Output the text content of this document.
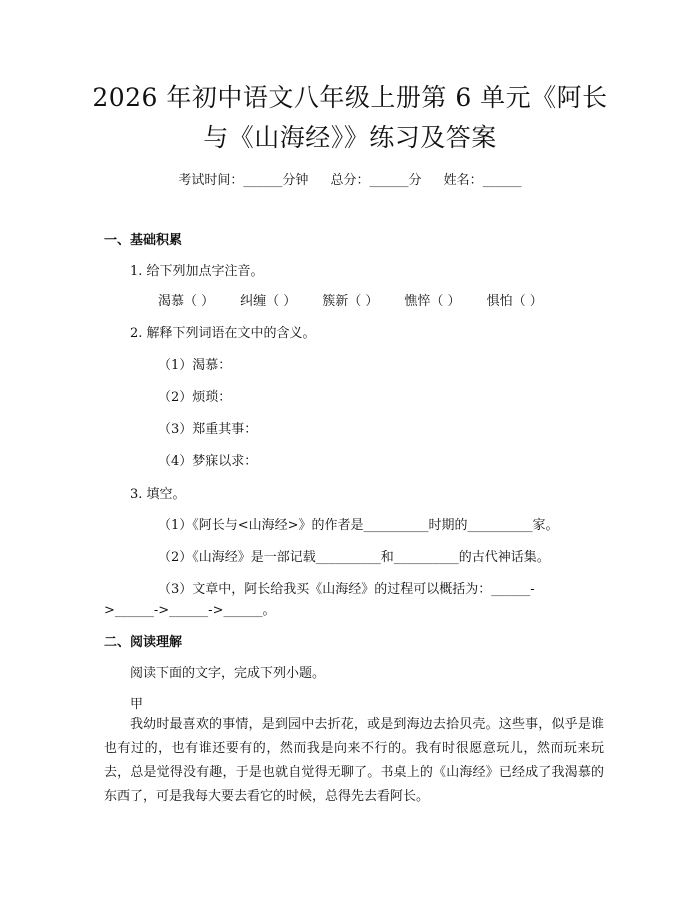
2026 年初中语文八年级上册第 6 单元《阿长
与《山海经》》练习及答案
考试时间：______分钟 总分：______分 姓名：______
一、基础积累
1. 给下列加点字注音。
渴慕（ ） 纠缠（ ） 簇新（ ） 憔悴（ ） 惧怕（ ）
2. 解释下列词语在文中的含义。
（1）渴慕：
（2）烦琐：
（3）郑重其事：
（4）梦寐以求：
3. 填空。
（1）《阿长与<山海经>》的作者是__________时期的__________家。
（2）《山海经》是一部记载__________和__________的古代神话集。
（3）文章中，阿长给我买《山海经》的过程可以概括为：______-
>______->______->______。
二、阅读理解
阅读下面的文字，完成下列小题。
甲
我幼时最喜欢的事情，是到园中去折花，或是到海边去拾贝壳。这些事，似乎是谁也有过的，也有谁还要有的，然而我是向来不行的。我有时很愿意玩儿，然而玩来玩去，总是觉得没有趣，于是也就自觉得无聊了。书桌上的《山海经》已经成了我渴慕的东西了，可是我每大要去看它的时候，总得先去看阿长。
